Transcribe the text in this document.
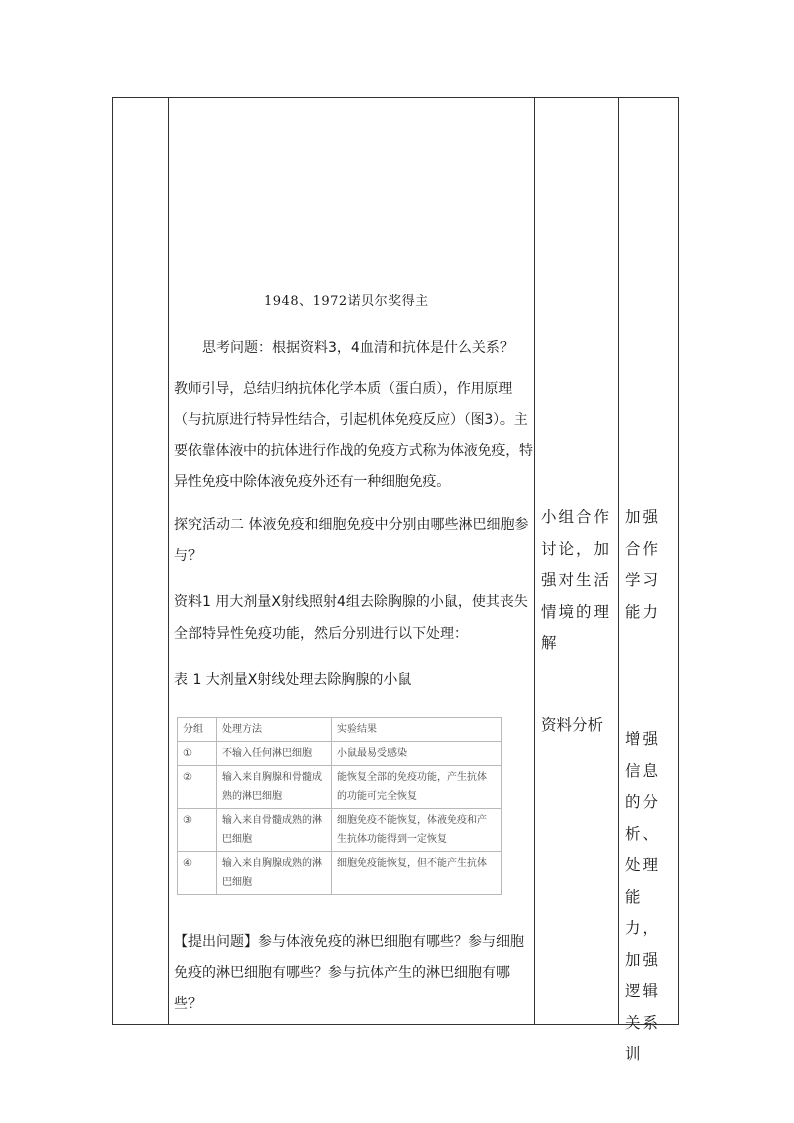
1948、1972诺贝尔奖得主
思考问题：根据资料3，4血清和抗体是什么关系？
教师引导，总结归纳抗体化学本质（蛋白质），作用原理（与抗原进行特异性结合，引起机体免疫反应）（图3）。主要依靠体液中的抗体进行作战的免疫方式称为体液免疫，特异性免疫中除体液免疫外还有一种细胞免疫。
探究活动二 体液免疫和细胞免疫中分别由哪些淋巴细胞参与？
资料1 用大剂量X射线照射4组去除胸腺的小鼠，使其丧失全部特异性免疫功能，然后分别进行以下处理：
表 1 大剂量X射线处理去除胸腺的小鼠
分组	处理方法	实验结果
①	不输入任何淋巴细胞	小鼠最易受感染
②	输入来自胸腺和骨髓成熟的淋巴细胞	能恢复全部的免疫功能，产生抗体的功能可完全恢复
③	输入来自骨髓成熟的淋巴细胞	细胞免疫不能恢复，体液免疫和产生抗体功能得到一定恢复
④	输入来自胸腺成熟的淋巴细胞	细胞免疫能恢复，但不能产生抗体
【提出问题】参与体液免疫的淋巴细胞有哪些？参与细胞免疫的淋巴细胞有哪些？参与抗体产生的淋巴细胞有哪些？
小组合作讨论，加强对生活情境的理解
资料分析
加强合作学习能力
增强信息的分析、处理能力，加强逻辑关系训
